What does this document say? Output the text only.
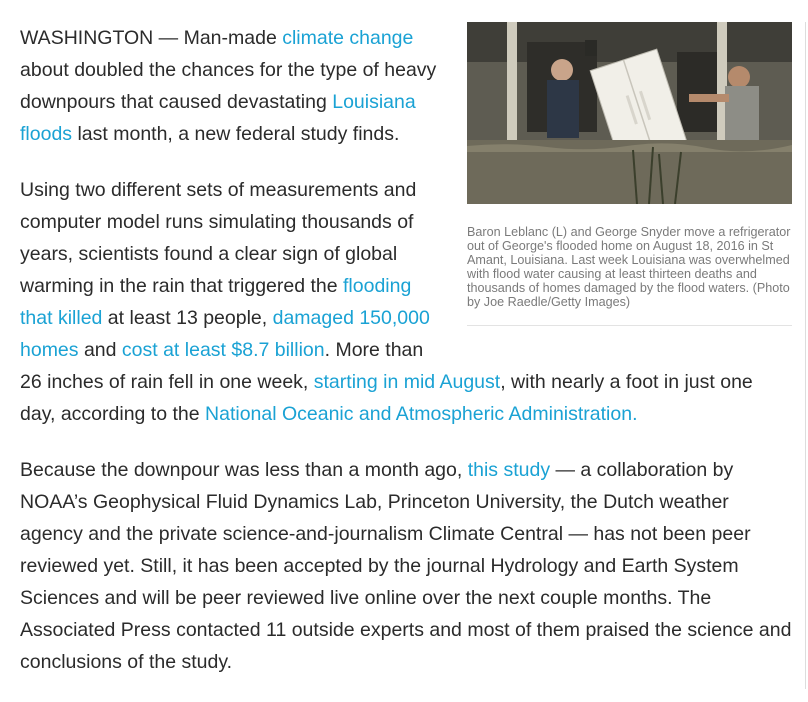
Baron Leblanc (L) and George Snyder move a refrigerator out of George's flooded home on August 18, 2016 in St Amant, Louisiana. Last week Louisiana was overwhelmed with flood water causing at least thirteen deaths and thousands of homes damaged by the flood waters. (Photo by Joe Raedle/Getty Images)

WASHINGTON — Man-made climate change about doubled the chances for the type of heavy downpours that caused devastating Louisiana floods last month, a new federal study finds.

Using two different sets of measurements and computer model runs simulating thousands of years, scientists found a clear sign of global warming in the rain that triggered the flooding that killed at least 13 people, damaged 150,000 homes and cost at least $8.7 billion. More than 26 inches of rain fell in one week, starting in mid August, with nearly a foot in just one day, according to the National Oceanic and Atmospheric Administration.

Because the downpour was less than a month ago, this study — a collaboration by NOAA’s Geophysical Fluid Dynamics Lab, Princeton University, the Dutch weather agency and the private science-and-journalism Climate Central — has not been peer reviewed yet. Still, it has been accepted by the journal Hydrology and Earth System Sciences and will be peer reviewed live online over the next couple months. The Associated Press contacted 11 outside experts and most of them praised the science and conclusions of the study.
